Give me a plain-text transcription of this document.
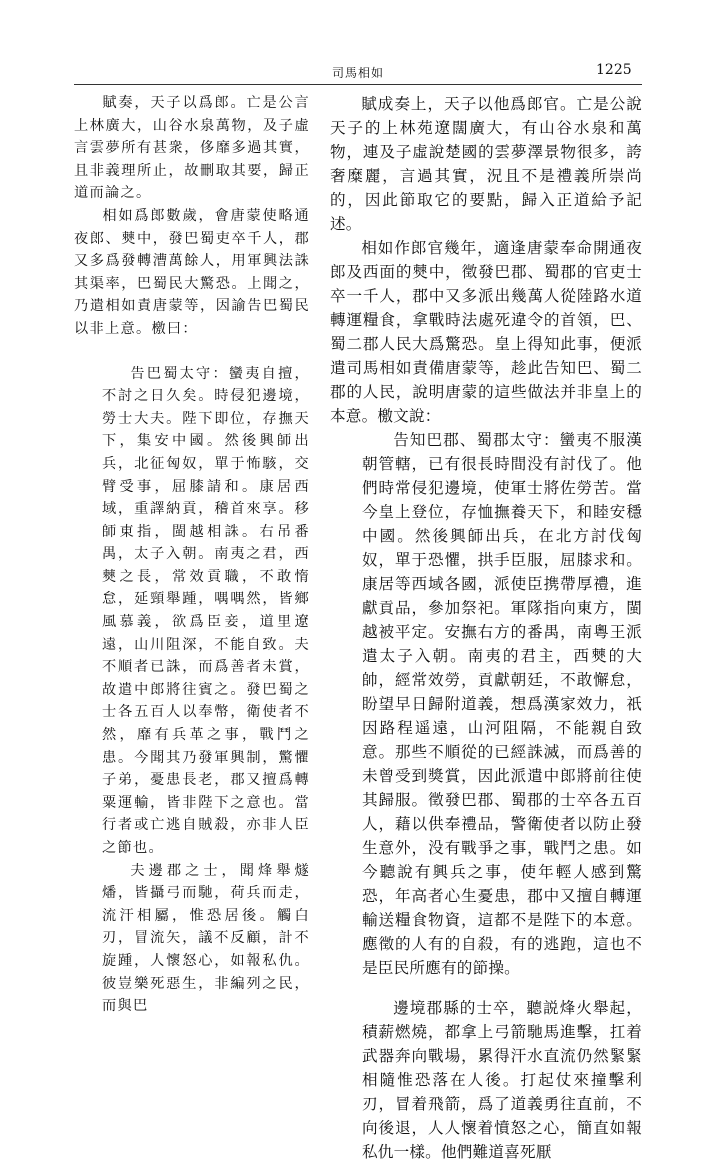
司馬相如	1225

賦奏，天子以爲郎。亡是公言上林廣大，山谷水泉萬物，及子虛言雲夢所有甚衆，侈靡多過其實，且非義理所止，故刪取其要，歸正道而論之。

相如爲郎數歲，會唐蒙使略通夜郎、僰中，發巴蜀吏卒千人，郡又多爲發轉漕萬餘人，用軍興法誅其渠率，巴蜀民大驚恐。上聞之，乃遣相如責唐蒙等，因諭告巴蜀民以非上意。檄曰：

告巴蜀太守：蠻夷自擅，不討之日久矣。時侵犯邊境，勞士大夫。陛下即位，存撫天下，集安中國。然後興師出兵，北征匈奴，單于怖駭，交臂受事，屈膝請和。康居西域，重譯納貢，稽首來享。移師東指，閩越相誅。右吊番禺，太子入朝。南夷之君，西僰之長，常效貢職，不敢惰怠，延頸舉踵，喁喁然，皆鄉風慕義，欲爲臣妾，道里遼遠，山川阻深，不能自致。夫不順者已誅，而爲善者未賞，故遣中郎將往賓之。發巴蜀之士各五百人以奉幣，衛使者不然，靡有兵革之事，戰鬥之患。今聞其乃發軍興制，驚懼子弟，憂患長老，郡又擅爲轉粟運輸，皆非陛下之意也。當行者或亡逃自賊殺，亦非人臣之節也。

夫邊郡之士，聞烽舉燧燔，皆攝弓而馳，荷兵而走，流汗相屬，惟恐居後。觸白刃，冒流矢，議不反顧，計不旋踵，人懷怒心，如報私仇。彼豈樂死惡生，非編列之民，而與巴

賦成奏上，天子以他爲郎官。亡是公說天子的上林苑遼闊廣大，有山谷水泉和萬物，連及子虛說楚國的雲夢澤景物很多，誇奢糜麗，言過其實，況且不是禮義所崇尚的，因此節取它的要點，歸入正道給予記述。

相如作郎官幾年，適逢唐蒙奉命開通夜郎及西面的僰中，徵發巴郡、蜀郡的官吏士卒一千人，郡中又多派出幾萬人從陸路水道轉運糧食，拿戰時法處死違令的首領，巴、蜀二郡人民大爲驚恐。皇上得知此事，便派遣司馬相如責備唐蒙等，趁此告知巴、蜀二郡的人民，說明唐蒙的這些做法并非皇上的本意。檄文說：

告知巴郡、蜀郡太守：蠻夷不服漢朝管轄，已有很長時間没有討伐了。他們時常侵犯邊境，使軍士將佐勞苦。當今皇上登位，存恤撫養天下，和睦安穩中國。然後興師出兵，在北方討伐匈奴，單于恐懼，拱手臣服，屈膝求和。康居等西域各國，派使臣携帶厚禮，進獻貢品，參加祭祀。軍隊指向東方，閩越被平定。安撫右方的番禺，南粵王派遣太子入朝。南夷的君主，西僰的大帥，經常效勞，貢獻朝廷，不敢懈怠，盼望早日歸附道義，想爲漢家效力，祇因路程遥遠，山河阻隔，不能親自致意。那些不順從的已經誅滅，而爲善的未曾受到獎賞，因此派遣中郎將前往使其歸服。徵發巴郡、蜀郡的士卒各五百人，藉以供奉禮品，警衛使者以防止發生意外，没有戰爭之事，戰鬥之患。如今聽說有興兵之事，使年輕人感到驚恐，年高者心生憂患，郡中又擅自轉運輸送糧食物資，這都不是陛下的本意。應徵的人有的自殺，有的逃跑，這也不是臣民所應有的節操。

邊境郡縣的士卒，聽説烽火舉起，積薪燃燒，都拿上弓箭馳馬進擊，扛着武器奔向戰場，累得汗水直流仍然緊緊相隨惟恐落在人後。打起仗來撞擊利刃，冒着飛箭，爲了道義勇往直前，不向後退，人人懷着憤怒之心，簡直如報私仇一樣。他們難道喜死厭
